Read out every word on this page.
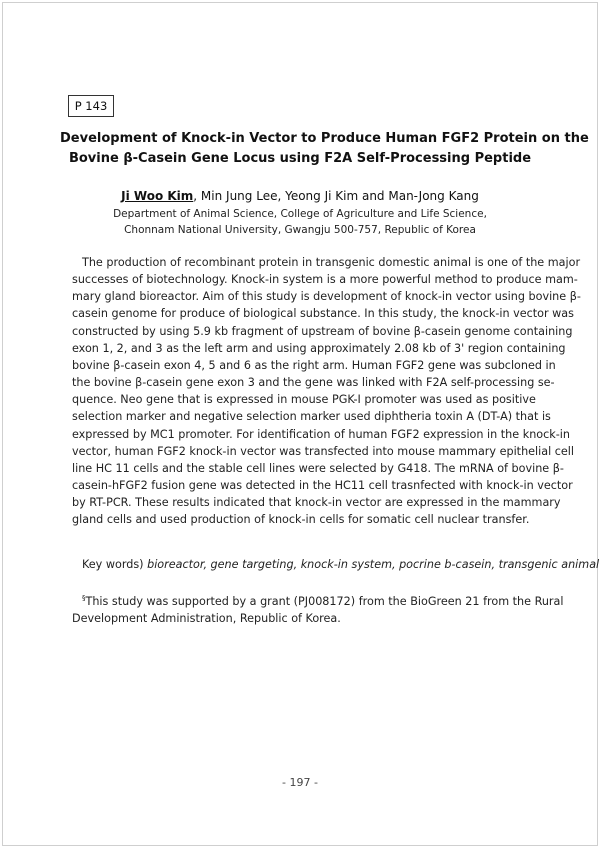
P 143
Development of Knock-in Vector to Produce Human FGF2 Protein on the
Bovine β-Casein Gene Locus using F2A Self-Processing Peptide
Ji Woo Kim, Min Jung Lee, Yeong Ji Kim and Man-Jong Kang
Department of Animal Science, College of Agriculture and Life Science,
Chonnam National University, Gwangju 500-757, Republic of Korea
The production of recombinant protein in transgenic domestic animal is one of the major
successes of biotechnology. Knock-in system is a more powerful method to produce mam-
mary gland bioreactor. Aim of this study is development of knock-in vector using bovine β-
casein genome for produce of biological substance. In this study, the knock-in vector was
constructed by using 5.9 kb fragment of upstream of bovine β-casein genome containing
exon 1, 2, and 3 as the left arm and using approximately 2.08 kb of 3' region containing
bovine β-casein exon 4, 5 and 6 as the right arm. Human FGF2 gene was subcloned in
the bovine β-casein gene exon 3 and the gene was linked with F2A self-processing se-
quence. Neo gene that is expressed in mouse PGK-I promoter was used as positive
selection marker and negative selection marker used diphtheria toxin A (DT-A) that is
expressed by MC1 promoter. For identification of human FGF2 expression in the knock-in
vector, human FGF2 knock-in vector was transfected into mouse mammary epithelial cell
line HC 11 cells and the stable cell lines were selected by G418. The mRNA of bovine β-
casein-hFGF2 fusion gene was detected in the HC11 cell trasnfected with knock-in vector
by RT-PCR. These results indicated that knock-in vector are expressed in the mammary
gland cells and used production of knock-in cells for somatic cell nuclear transfer.
Key words) bioreactor, gene targeting, knock-in system, pocrine b-casein, transgenic animal
§This study was supported by a grant (PJ008172) from the BioGreen 21 from the Rural
Development Administration, Republic of Korea.
- 197 -
